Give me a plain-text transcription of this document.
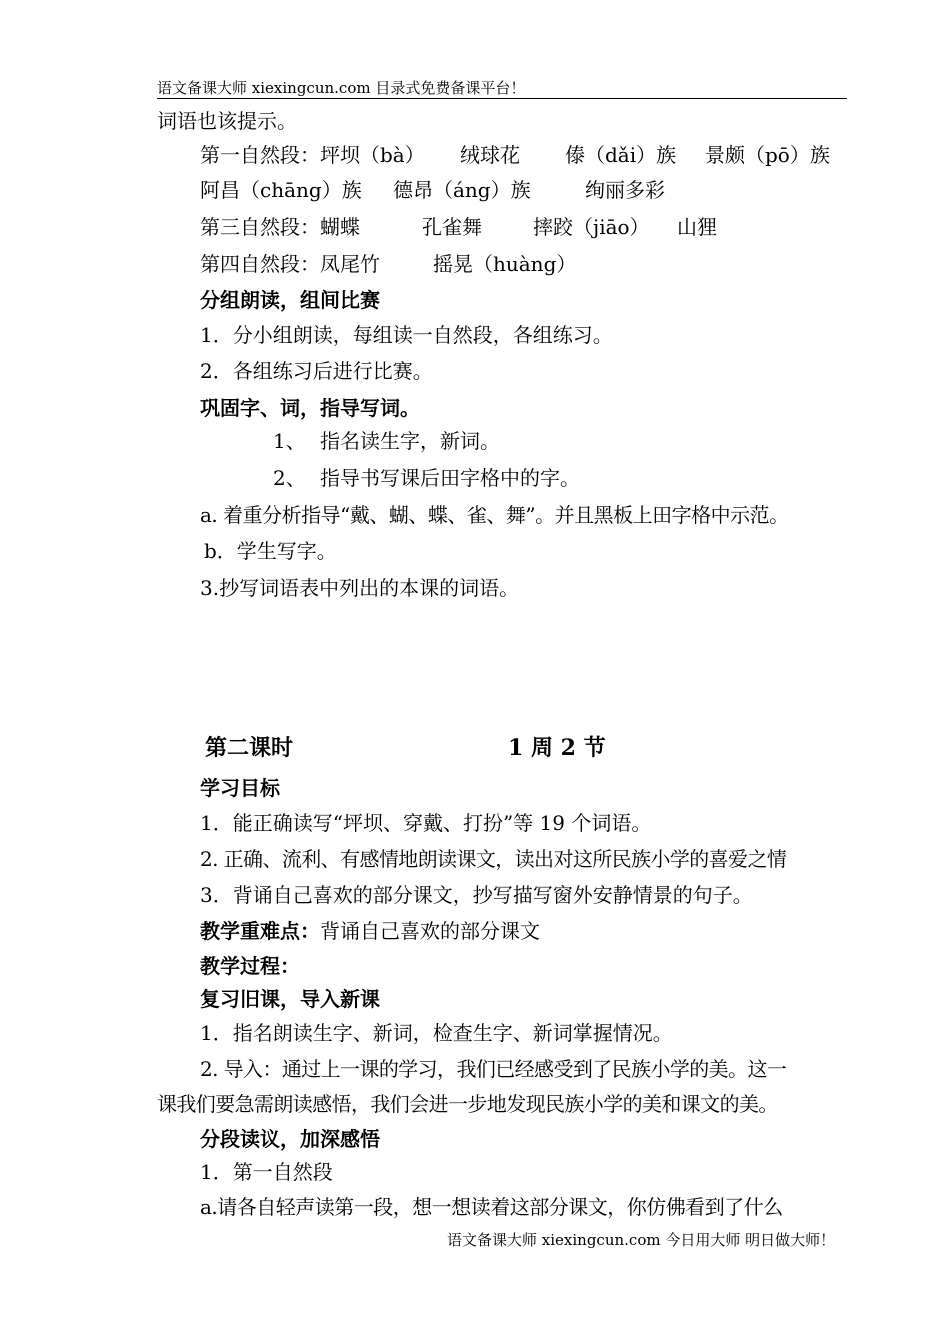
语文备课大师 xiexingcun.com 目录式免费备课平台！
词语也该提示。
第一自然段：坪坝（bà） 绒球花 傣（dǎi）族 景颇（pō）族
阿昌（chāng）族 德昂（áng）族	绚丽多彩
第三自然段：蝴蝶	孔雀舞	摔跤（jiāo） 山狸
第四自然段：凤尾竹	摇晃（huàng）
分组朗读，组间比赛
1．分小组朗读，每组读一自然段，各组练习。
2．各组练习后进行比赛。
巩固字、词，指导写词。
1、 指名读生字，新词。
2、 指导书写课后田字格中的字。
a. 着重分析指导“戴、蝴、蝶、雀、舞”。并且黑板上田字格中示范。
b．学生写字。
3.抄写词语表中列出的本课的词语。
第二课时	1 周 2 节
学习目标
1．能正确读写“坪坝、穿戴、打扮”等 19 个词语。
2. 正确、流利、有感情地朗读课文，读出对这所民族小学的喜爱之情
3．背诵自己喜欢的部分课文，抄写描写窗外安静情景的句子。
教学重难点：背诵自己喜欢的部分课文
教学过程：
复习旧课，导入新课
1．指名朗读生字、新词，检查生字、新词掌握情况。
2. 导入：通过上一课的学习，我们已经感受到了民族小学的美。这一
课我们要急需朗读感悟，我们会进一步地发现民族小学的美和课文的美。
分段读议，加深感悟
1．第一自然段
a.请各自轻声读第一段，想一想读着这部分课文，你仿佛看到了什么
语文备课大师 xiexingcun.com 今日用大师 明日做大师！
